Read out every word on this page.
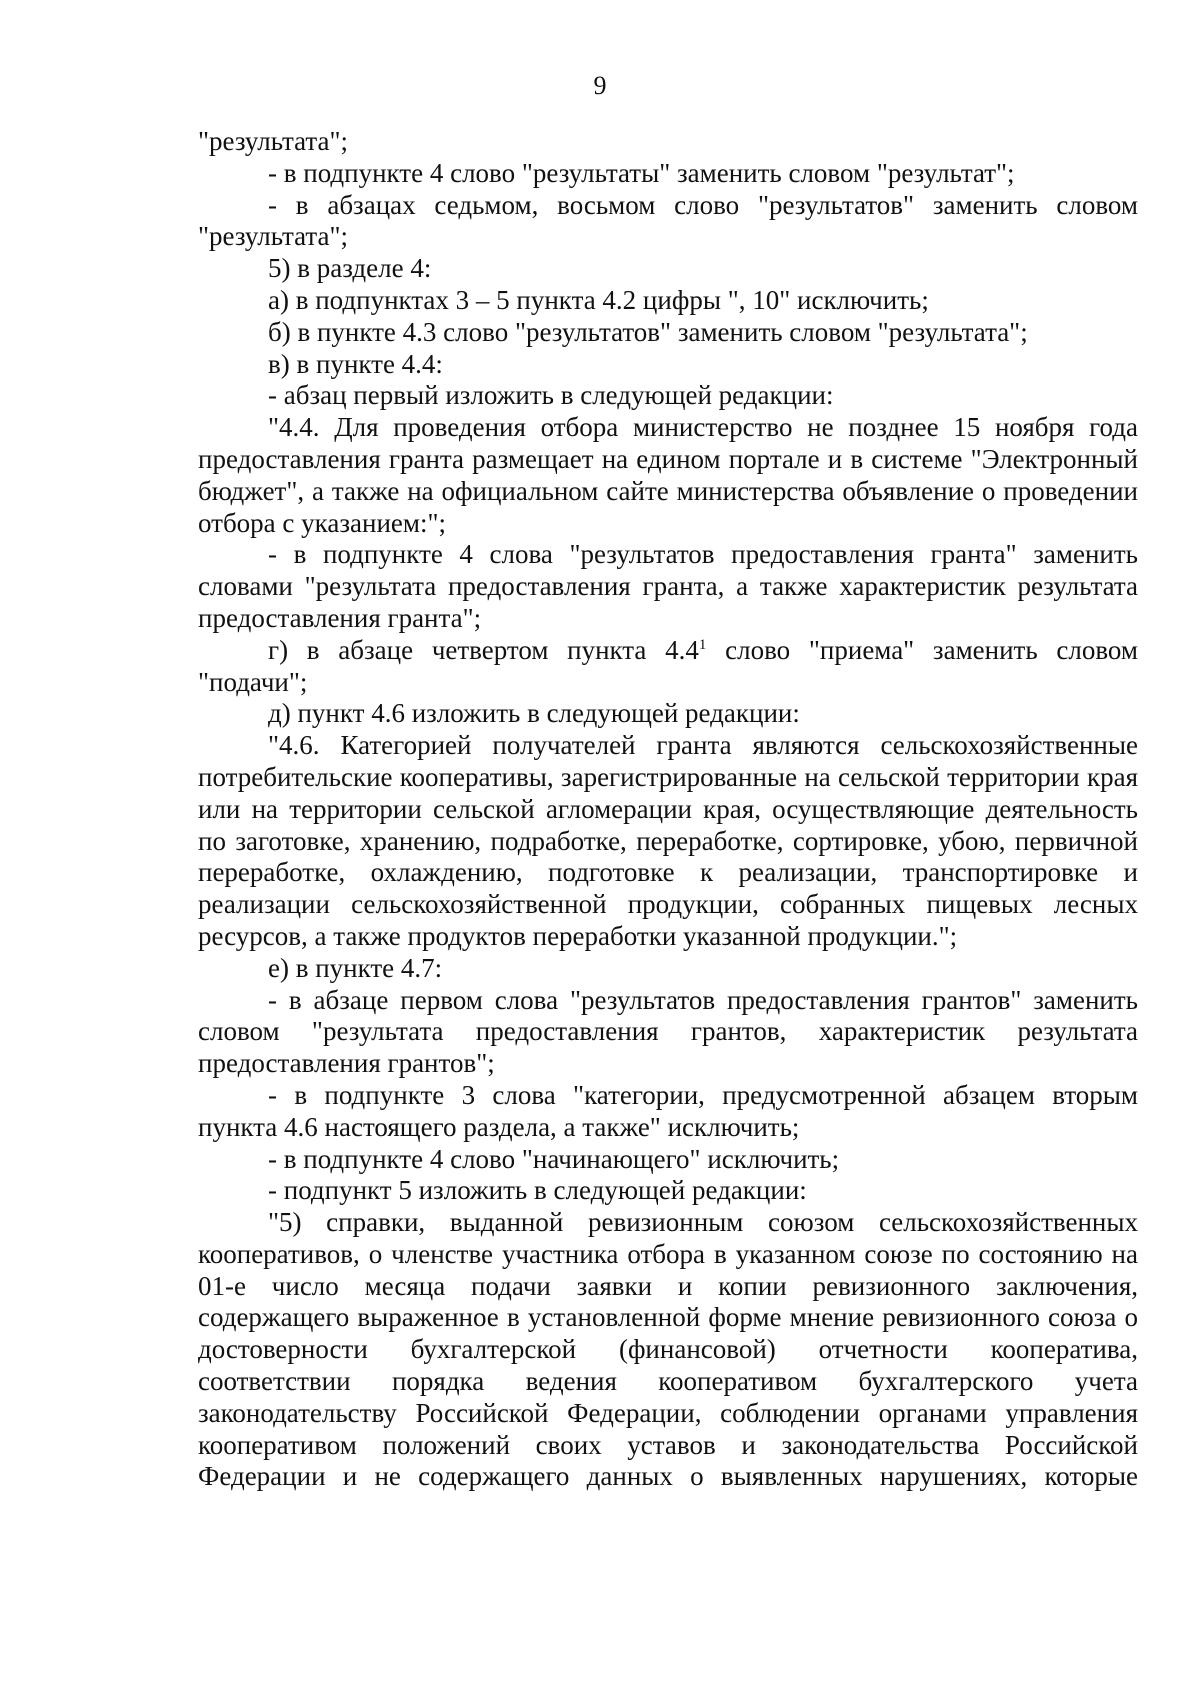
9

"результата";

- в подпункте 4 слово "результаты" заменить словом "результат";

- в абзацах седьмом, восьмом слово "результатов" заменить словом "результата";

5) в разделе 4:

а) в подпунктах 3 – 5 пункта 4.2 цифры ", 10" исключить;

б) в пункте 4.3 слово "результатов" заменить словом "результата";

в) в пункте 4.4:

- абзац первый изложить в следующей редакции:

"4.4. Для проведения отбора министерство не позднее 15 ноября года предоставления гранта размещает на едином портале и в системе "Электронный бюджет", а также на официальном сайте министерства объявление о проведении отбора с указанием:";

- в подпункте 4 слова "результатов предоставления гранта" заменить словами "результата предоставления гранта, а также характеристик результата предоставления гранта";

г) в абзаце четвертом пункта $4.4^1$ слово "приема" заменить словом "подачи";

д) пункт 4.6 изложить в следующей редакции:

"4.6. Категорией получателей гранта являются сельскохозяйственные потребительские кооперативы, зарегистрированные на сельской территории края или на территории сельской агломерации края, осуществляющие деятельность по заготовке, хранению, подработке, переработке, сортировке, убою, первичной переработке, охлаждению, подготовке к реализации, транспортировке и реализации сельскохозяйственной продукции, собранных пищевых лесных ресурсов, а также продуктов переработки указанной продукции.";

е) в пункте 4.7:

- в абзаце первом слова "результатов предоставления грантов" заменить словом "результата предоставления грантов, характеристик результата предоставления грантов";

- в подпункте 3 слова "категории, предусмотренной абзацем вторым пункта 4.6 настоящего раздела, а также" исключить;

- в подпункте 4 слово "начинающего" исключить;

- подпункт 5 изложить в следующей редакции:

"5) справки, выданной ревизионным союзом сельскохозяйственных кооперативов, о членстве участника отбора в указанном союзе по состоянию на 01-е число месяца подачи заявки и копии ревизионного заключения, содержащего выраженное в установленной форме мнение ревизионного союза о достоверности бухгалтерской (финансовой) отчетности кооператива, соответствии порядка ведения кооперативом бухгалтерского учета законодательству Российской Федерации, соблюдении органами управления кооперативом положений своих уставов и законодательства Российской Федерации и не содержащего данных о выявленных нарушениях, которые
